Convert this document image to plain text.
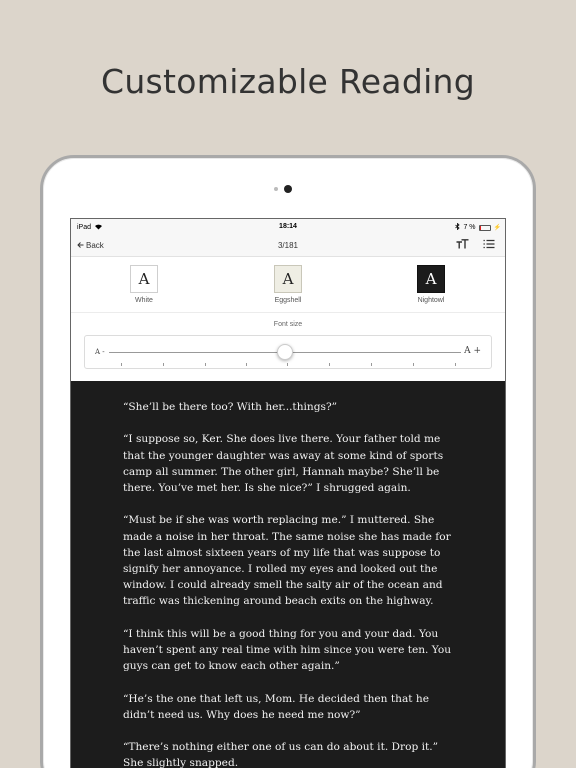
Customizable Reading
iPad	18:14	7 %	⚡
Back	3/181
A
White
A
Eggshell
A
Nightowl
Font size
A -	A +

“She’ll be there too? With her...things?”

“I suppose so, Ker. She does live there. Your father told me that the younger daughter was away at some kind of sports camp all summer. The other girl, Hannah maybe? She’ll be there. You’ve met her. Is she nice?” I shrugged again.

“Must be if she was worth replacing me.” I muttered. She made a noise in her throat. The same noise she has made for the last almost sixteen years of my life that was suppose to signify her annoyance. I rolled my eyes and looked out the window. I could already smell the salty air of the ocean and traffic was thickening around beach exits on the highway.

“I think this will be a good thing for you and your dad. You haven’t spent any real time with him since you were ten. You guys can get to know each other again.”

“He’s the one that left us, Mom. He decided then that he didn’t need us. Why does he need me now?”

“There’s nothing either one of us can do about it. Drop it.” She slightly snapped.
